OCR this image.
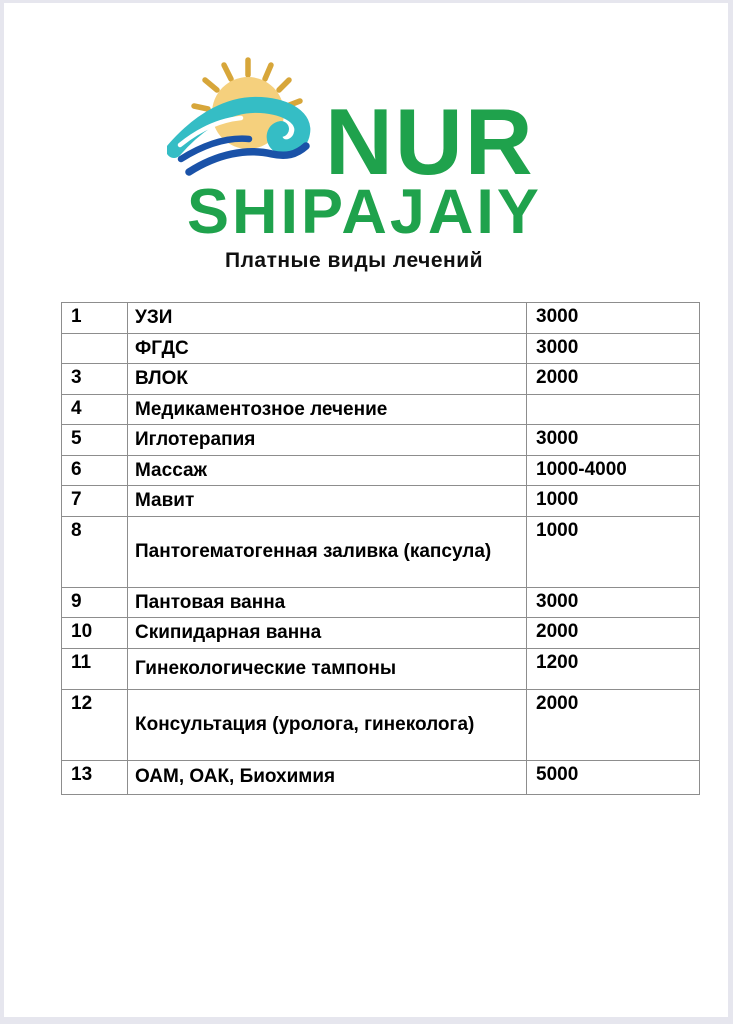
NUR
SHIPAJAIY
Платные виды лечений
1	УЗИ	3000
	ФГДС	3000
3	ВЛОК	2000
4	Медикаментозное лечение	
5	Иглотерапия	3000
6	Массаж	1000-4000
7	Мавит	1000
8	Пантогематогенная заливка (капсула)	1000
9	Пантовая ванна	3000
10	Скипидарная ванна	2000
11	Гинекологические тампоны	1200
12	Консультация (уролога, гинеколога)	2000
13	ОАМ, ОАК, Биохимия	5000
